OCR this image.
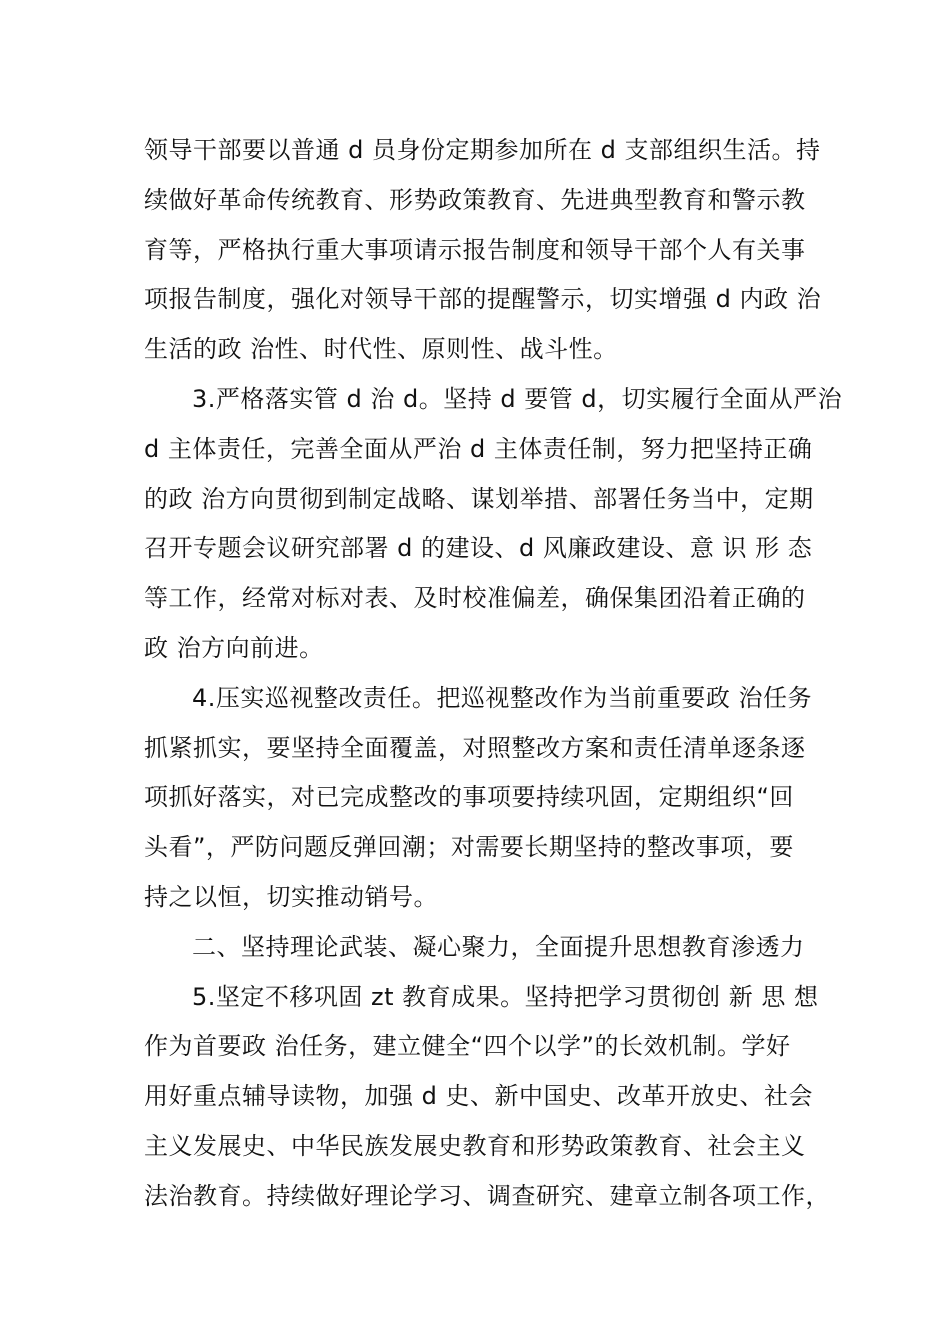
领导干部要以普通 d 员身份定期参加所在 d 支部组织生活。持
续做好革命传统教育、形势政策教育、先进典型教育和警示教
育等，严格执行重大事项请示报告制度和领导干部个人有关事
项报告制度，强化对领导干部的提醒警示，切实增强 d 内政 治
生活的政 治性、时代性、原则性、战斗性。
3.严格落实管 d 治 d。坚持 d 要管 d，切实履行全面从严治
d 主体责任，完善全面从严治 d 主体责任制，努力把坚持正确
的政 治方向贯彻到制定战略、谋划举措、部署任务当中，定期
召开专题会议研究部署 d 的建设、d 风廉政建设、意 识 形 态
等工作，经常对标对表、及时校准偏差，确保集团沿着正确的
政 治方向前进。
4.压实巡视整改责任。把巡视整改作为当前重要政 治任务
抓紧抓实，要坚持全面覆盖，对照整改方案和责任清单逐条逐
项抓好落实，对已完成整改的事项要持续巩固，定期组织“回
头看”，严防问题反弹回潮；对需要长期坚持的整改事项，要
持之以恒，切实推动销号。
二、坚持理论武装、凝心聚力，全面提升思想教育渗透力
5.坚定不移巩固 zt 教育成果。坚持把学习贯彻创 新 思 想
作为首要政 治任务，建立健全“四个以学”的长效机制。学好
用好重点辅导读物，加强 d 史、新中国史、改革开放史、社会
主义发展史、中华民族发展史教育和形势政策教育、社会主义
法治教育。持续做好理论学习、调查研究、建章立制各项工作，
